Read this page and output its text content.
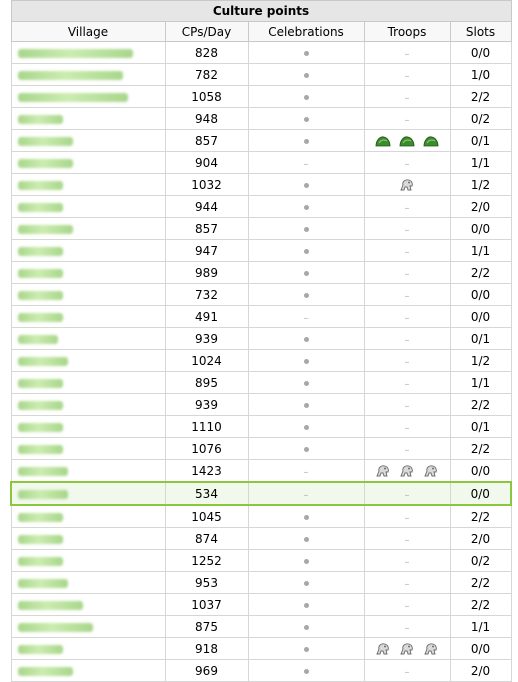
Culture points				
Village	CPs/Day	Celebrations	Troops	Slots
	828		–	0/0
	782		–	1/0
	1058		–	2/2
	948		–	0/2
	857			0/1
	904	–	–	1/1
	1032			1/2
	944		–	2/0
	857		–	0/0
	947		–	1/1
	989		–	2/2
	732		–	0/0
	491	–	–	0/0
	939		–	0/1
	1024		–	1/2
	895		–	1/1
	939		–	2/2
	1110		–	0/1
	1076		–	2/2
	1423	–		0/0
	534	–	–	0/0
	1045		–	2/2
	874		–	2/0
	1252		–	0/2
	953		–	2/2
	1037		–	2/2
	875		–	1/1
	918			0/0
	969		–	2/0
